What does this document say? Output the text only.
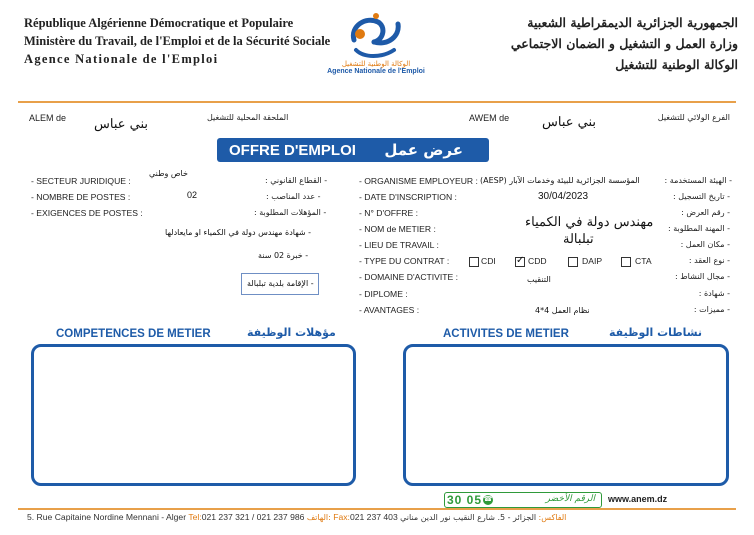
République Algérienne Démocratique et Populaire
Ministère du Travail, de l'Emploi et de la Sécurité Sociale
Agence Nationale de l'Emploi	الوكالة الوطنية للتشغيل
Agence Nationale de l'Emploi
الجمهورية الجزائرية الديمقراطية الشعبية
وزارة العمل و التشغيل و الضمان الاجتماعي
الوكالة الوطنية للتشغيل
ALEM de بني عباس	الملحقة المحلية للتشغيل	AWEM de	بني عباس	الفرع الولائي للتشغيل
OFFRE D'EMPLOI عرض عمل
- SECTEUR JURIDIQUE :
خاص وطني
- القطاع القانوني :
- NOMBRE DE POSTES :	02	- عدد المناصب :
- EXIGENCES DE POSTES :	- المؤهلات المطلوبة :
- شهادة مهندس دولة في الكمياء او مايعادلها
- خبرة 02 سنة
- الإقامة بلدية تبلبالة
- ORGANISME EMPLOYEUR : المؤسسة الجزائرية للبيئة وخدمات الآبار (AESP)	- الهيئة المستخدمة :
- DATE D'INSCRIPTION :	30/04/2023	- تاريخ التسجيل :
- N° D'OFFRE :	- رقم العرض :
- NOM de METIER :	مهندس دولة في الكمياء - المهنة المطلوبة :
- LIEU DE TRAVAIL :	تبلبالة	- مكان العمل :
- TYPE DU CONTRAT :	CDI
✓	CDD	DAIP	CTA	- نوع العقد :
- DOMAINE D'ACTIVITE :	التنقيب	- مجال النشاط :
- DIPLOME :	- شهادة :
- AVANTAGES :	نظام العمل 4*4	- مميزات :
COMPETENCES DE METIER	مؤهلات الوظيفة	ACTIVITES DE METIER	نشاطات الوظيفة
30 05 ☎	الرقم الأخضر www.anem.dz
5. Rue Capitaine Nordine Mennani - Alger Tel:021 237 321 / 021 237 986 الهاتف: Fax:021 237 403	الفاكس: الجزائر - 5. شارع النقيب نور الدين مناني
